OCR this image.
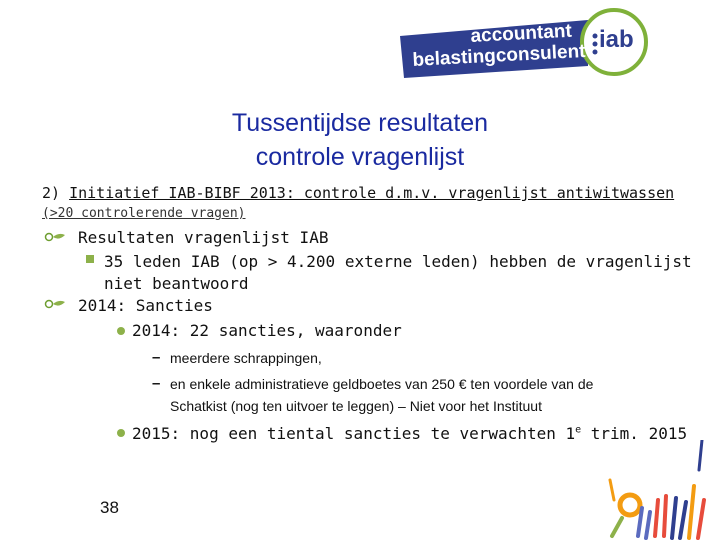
accountant
belastingconsulent
iab
Tussentijdse resultaten
controle vragenlijst
2) Initiatief IAB-BIBF 2013: controle d.m.v. vragenlijst antiwitwassen
(>20 controlerende vragen)
Resultaten vragenlijst IAB
35 leden IAB (op > 4.200 externe leden) hebben de vragenlijst
niet beantwoord
2014: Sancties
2014: 22 sancties, waaronder
– meerdere schrappingen,
– en enkele administratieve geldboetes van 250 € ten voordele van de
Schatkist (nog ten uitvoer te leggen) – Niet voor het Instituut
2015: nog een tiental sancties te verwachten 1e trim. 2015
38
